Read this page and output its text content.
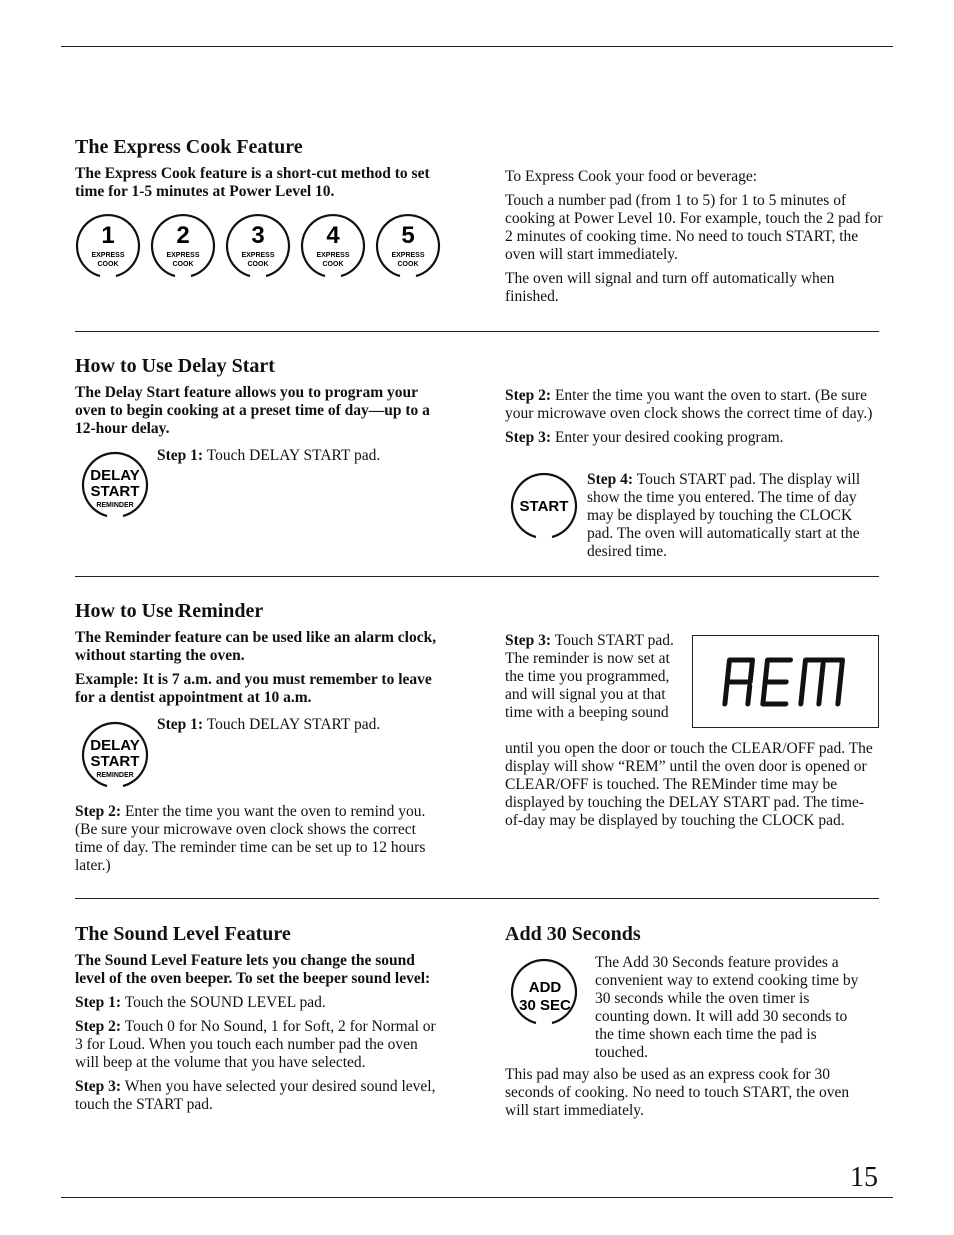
The Express Cook Feature

The Express Cook feature is a short-cut method to set time for 1-5 minutes at Power Level 10.

1
EXPRESS
COOK
2
EXPRESS
COOK
3
EXPRESS
COOK
4
EXPRESS
COOK
5
EXPRESS
COOK

To Express Cook your food or beverage:

Touch a number pad (from 1 to 5) for 1 to 5 minutes of cooking at Power Level 10. For example, touch the 2 pad for 2 minutes of cooking time. No need to touch START, the oven will start immediately.

The oven will signal and turn off automatically when finished.

How to Use Delay Start

The Delay Start feature allows you to program your oven to begin cooking at a preset time of day—up to a 12-hour delay.

DELAY
START
REMINDER

Step 1: Touch DELAY START pad.

Step 2: Enter the time you want the oven to start. (Be sure your microwave oven clock shows the correct time of day.)

Step 3: Enter your desired cooking program.

START

Step 4: Touch START pad. The display will show the time you entered. The time of day may be displayed by touching the CLOCK pad. The oven will automatically start at the desired time.

How to Use Reminder

The Reminder feature can be used like an alarm clock, without starting the oven.

Example: It is 7 a.m. and you must remember to leave for a dentist appointment at 10 a.m.

DELAY
START
REMINDER

Step 1: Touch DELAY START pad.

Step 2: Enter the time you want the oven to remind you. (Be sure your microwave oven clock shows the correct time of day. The reminder time can be set up to 12 hours later.)

Step 3: Touch START pad. The reminder is now set at the time you programmed, and will signal you at that time with a beeping sound

until you open the door or touch the CLEAR/OFF pad. The display will show “REM” until the oven door is opened or CLEAR/OFF is touched. The REMinder time may be displayed by touching the DELAY START pad. The time-of-day may be displayed by touching the CLOCK pad.

The Sound Level Feature

The Sound Level Feature lets you change the sound level of the oven beeper. To set the beeper sound level:

Step 1: Touch the SOUND LEVEL pad.

Step 2: Touch 0 for No Sound, 1 for Soft, 2 for Normal or 3 for Loud. When you touch each number pad the oven will beep at the volume that you have selected.

Step 3: When you have selected your desired sound level, touch the START pad.

Add 30 Seconds
ADD
30 SEC

The Add 30 Seconds feature provides a convenient way to extend cooking time by 30 seconds while the oven timer is counting down. It will add 30 seconds to the time shown each time the pad is touched.

This pad may also be used as an express cook for 30 seconds of cooking. No need to touch START, the oven will start immediately.

15
